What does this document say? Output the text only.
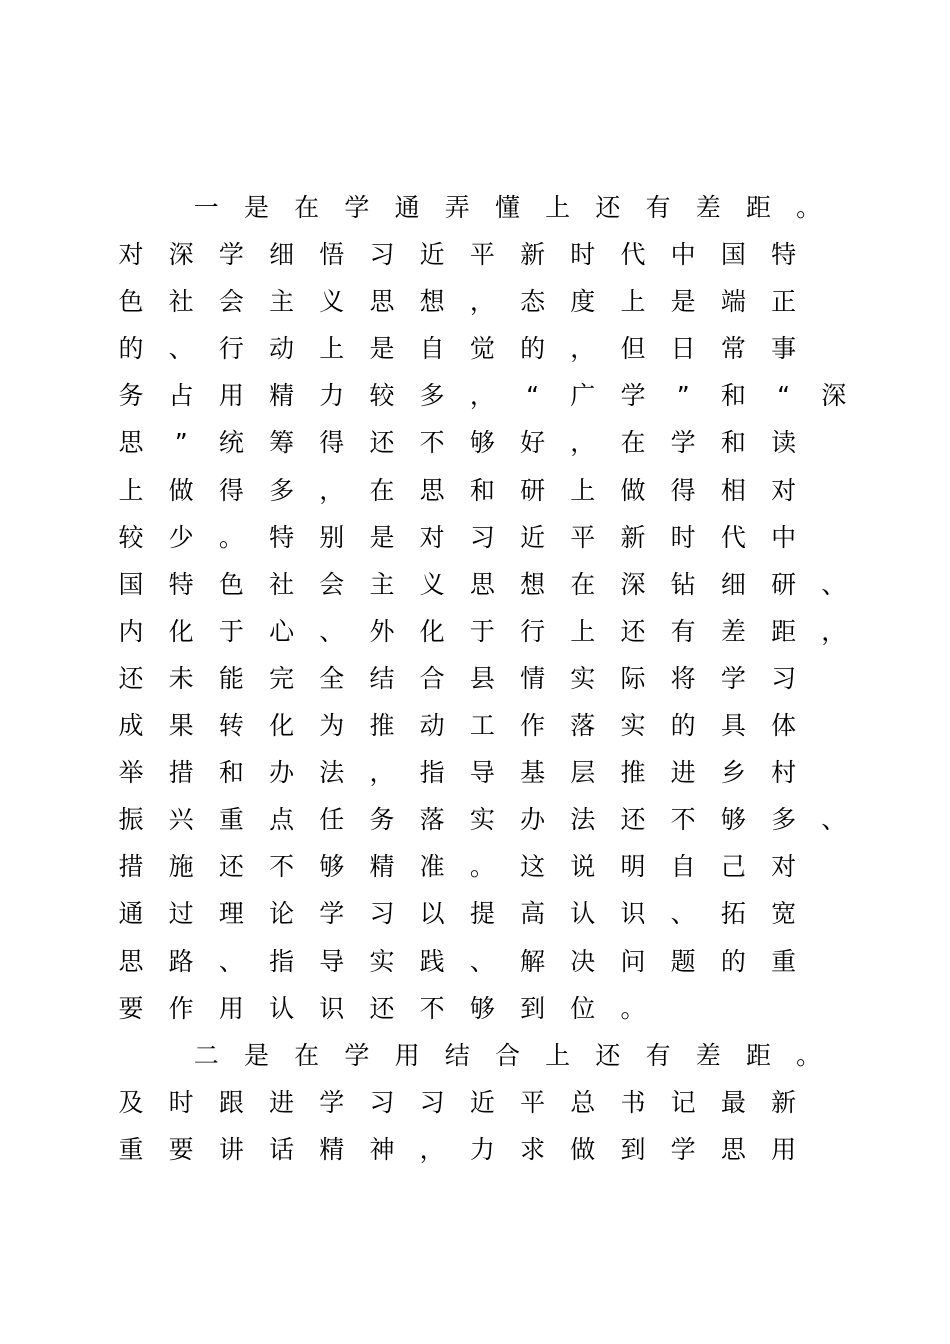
一	是	在	学	通	弄	懂	上	还	有	差	距	。
对	深	学	细	悟	习	近	平	新	时	代	中	国	特
色	社	会	主	义	思	想	，	态	度	上	是	端	正
的	、	行	动	上	是	自	觉	的	，	但	日	常	事
务	占	用	精	力	较	多	，	“	广	学	”	和	“	深
思	”	统	筹	得	还	不	够	好	，	在	学	和	读
上	做	得	多	，	在	思	和	研	上	做	得	相	对
较	少	。	特	别	是	对	习	近	平	新	时	代	中
国	特	色	社	会	主	义	思	想	在	深	钻	细	研	、
内	化	于	心	、	外	化	于	行	上	还	有	差	距	，
还	未	能	完	全	结	合	县	情	实	际	将	学	习
成	果	转	化	为	推	动	工	作	落	实	的	具	体
举	措	和	办	法	，	指	导	基	层	推	进	乡	村
振	兴	重	点	任	务	落	实	办	法	还	不	够	多	、
措	施	还	不	够	精	准	。	这	说	明	自	己	对
通	过	理	论	学	习	以	提	高	认	识	、	拓	宽
思	路	、	指	导	实	践	、	解	决	问	题	的	重
要	作	用	认	识	还	不	够	到	位	。
二	是	在	学	用	结	合	上	还	有	差	距	。
及	时	跟	进	学	习	习	近	平	总	书	记	最	新
重	要	讲	话	精	神	，	力	求	做	到	学	思	用
